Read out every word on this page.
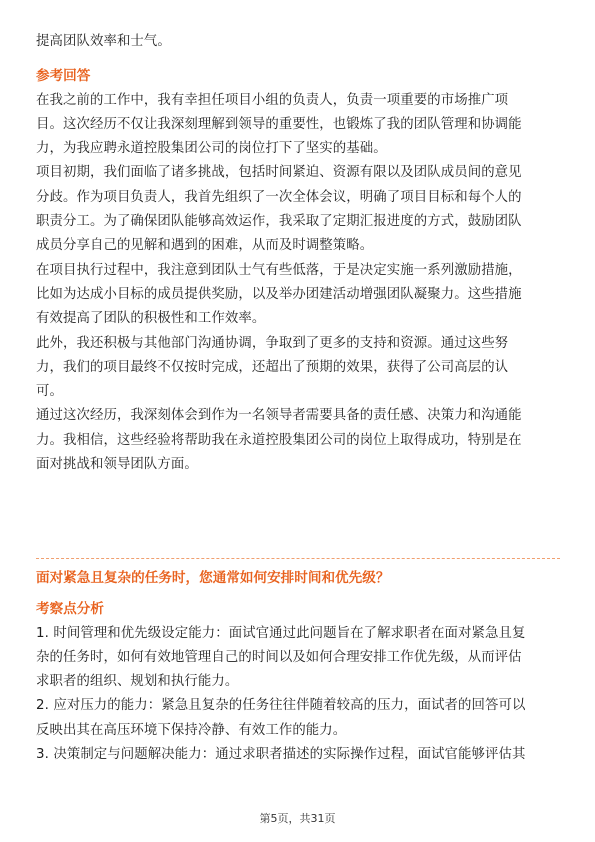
提高团队效率和士气。
参考回答
在我之前的工作中，我有幸担任项目小组的负责人，负责一项重要的市场推广项
目。这次经历不仅让我深刻理解到领导的重要性，也锻炼了我的团队管理和协调能
力，为我应聘永道控股集团公司的岗位打下了坚实的基础。
项目初期，我们面临了诸多挑战，包括时间紧迫、资源有限以及团队成员间的意见
分歧。作为项目负责人，我首先组织了一次全体会议，明确了项目目标和每个人的
职责分工。为了确保团队能够高效运作，我采取了定期汇报进度的方式，鼓励团队
成员分享自己的见解和遇到的困难，从而及时调整策略。
在项目执行过程中，我注意到团队士气有些低落，于是决定实施一系列激励措施，
比如为达成小目标的成员提供奖励，以及举办团建活动增强团队凝聚力。这些措施
有效提高了团队的积极性和工作效率。
此外，我还积极与其他部门沟通协调，争取到了更多的支持和资源。通过这些努
力，我们的项目最终不仅按时完成，还超出了预期的效果，获得了公司高层的认
可。
通过这次经历，我深刻体会到作为一名领导者需要具备的责任感、决策力和沟通能
力。我相信，这些经验将帮助我在永道控股集团公司的岗位上取得成功，特别是在
面对挑战和领导团队方面。
面对紧急且复杂的任务时，您通常如何安排时间和优先级？
考察点分析
1. 时间管理和优先级设定能力：面试官通过此问题旨在了解求职者在面对紧急且复
杂的任务时，如何有效地管理自己的时间以及如何合理安排工作优先级，从而评估
求职者的组织、规划和执行能力。
2. 应对压力的能力：紧急且复杂的任务往往伴随着较高的压力，面试者的回答可以
反映出其在高压环境下保持冷静、有效工作的能力。
3. 决策制定与问题解决能力：通过求职者描述的实际操作过程，面试官能够评估其
第5页，共31页
